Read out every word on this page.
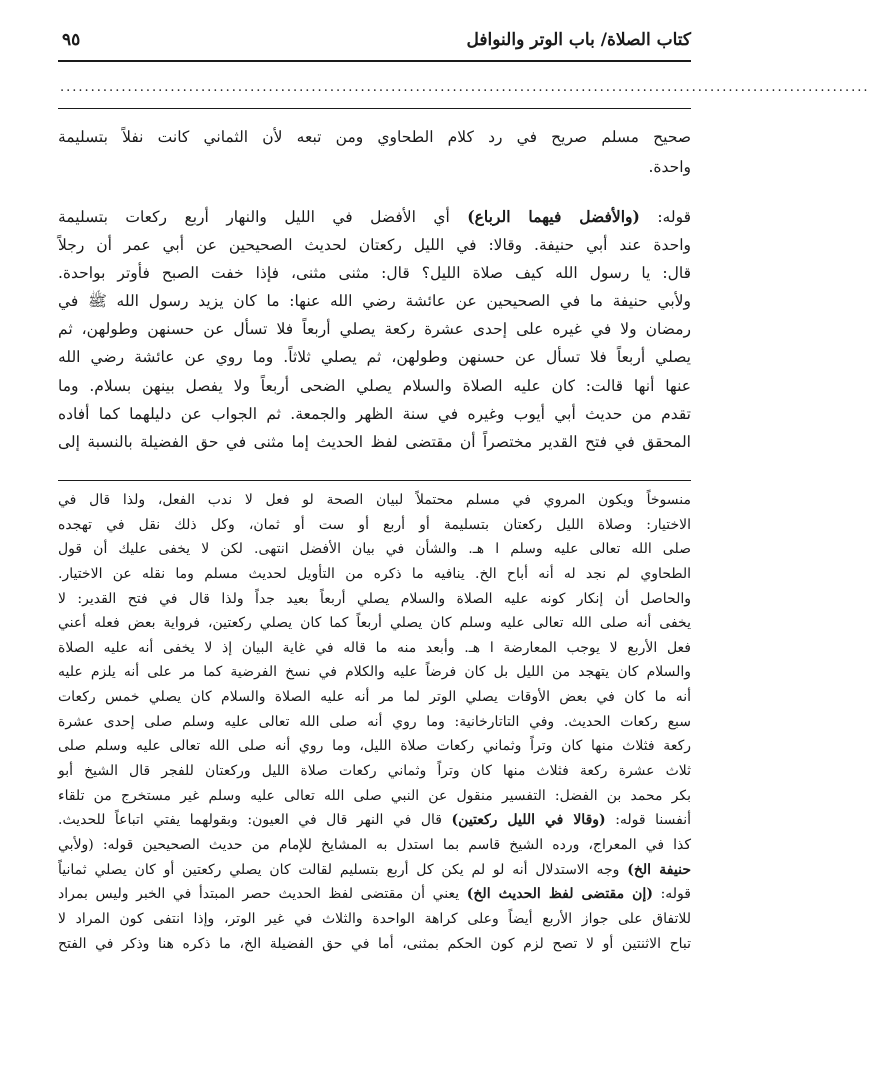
كتاب الصلاة/ باب الوتر والنوافل
٩٥
....................................................................................................................................
صحيح مسلم صريح في رد كلام الطحاوي ومن تبعه لأن الثماني كانت نفلاً بتسليمة
واحدة.
قوله: (والأفضل فيهما الرباع) أي الأفضل في الليل والنهار أربع ركعات بتسليمة
واحدة عند أبي حنيفة. وقالا: في الليل ركعتان لحديث الصحيحين عن أبي عمر أن رجلاً
قال: يا رسول الله كيف صلاة الليل؟ قال: مثنى مثنى، فإذا خفت الصبح فأوتر بواحدة.
ولأبي حنيفة ما في الصحيحين عن عائشة رضي الله عنها: ما كان يزيد رسول الله ﷺ في
رمضان ولا في غيره على إحدى عشرة ركعة يصلي أربعاً فلا تسأل عن حسنهن وطولهن، ثم
يصلي أربعاً فلا تسأل عن حسنهن وطولهن، ثم يصلي ثلاثاً. وما روي عن عائشة رضي الله
عنها أنها قالت: كان عليه الصلاة والسلام يصلي الضحى أربعاً ولا يفصل بينهن بسلام. وما
تقدم من حديث أبي أيوب وغيره في سنة الظهر والجمعة. ثم الجواب عن دليلهما كما أفاده
المحقق في فتح القدير مختصراً أن مقتضى لفظ الحديث إما مثنى في حق الفضيلة بالنسبة إلى
منسوخاً ويكون المروي في مسلم محتملاً لبيان الصحة لو فعل لا ندب الفعل، ولذا قال في
الاختيار: وصلاة الليل ركعتان بتسليمة أو أربع أو ست أو ثمان، وكل ذلك نقل في تهجده
صلى الله تعالى عليه وسلم ا هـ. والشأن في بيان الأفضل انتهى. لكن لا يخفى عليك أن قول
الطحاوي لم نجد له أنه أباح الخ. ينافيه ما ذكره من التأويل لحديث مسلم وما نقله عن الاختيار.
والحاصل أن إنكار كونه عليه الصلاة والسلام يصلي أربعاً بعيد جداً ولذا قال في فتح القدير: لا
يخفى أنه صلى الله تعالى عليه وسلم كان يصلي أربعاً كما كان يصلي ركعتين، فرواية بعض فعله أعني
فعل الأربع لا يوجب المعارضة ا هـ. وأبعد منه ما قاله في غاية البيان إذ لا يخفى أنه عليه الصلاة
والسلام كان يتهجد من الليل بل كان فرضاً عليه والكلام في نسخ الفرضية كما مر على أنه يلزم عليه
أنه ما كان في بعض الأوقات يصلي الوتر لما مر أنه عليه الصلاة والسلام كان يصلي خمس ركعات
سبع ركعات الحديث. وفي التاتارخانية: وما روي أنه صلى الله تعالى عليه وسلم صلى إحدى عشرة
ركعة فثلاث منها كان وتراً وثماني ركعات صلاة الليل، وما روي أنه صلى الله تعالى عليه وسلم صلى
ثلاث عشرة ركعة فثلاث منها كان وتراً وثماني ركعات صلاة الليل وركعتان للفجر قال الشيخ أبو
بكر محمد بن الفضل: التفسير منقول عن النبي صلى الله تعالى عليه وسلم غير مستخرج من تلقاء
أنفسنا قوله: (وقالا في الليل ركعتين) قال في النهر قال في العيون: وبقولهما يفتي اتباعاً للحديث.
كذا في المعراج، ورده الشيخ قاسم بما استدل به المشايخ للإمام من حديث الصحيحين قوله: (ولأبي
حنيفة الخ) وجه الاستدلال أنه لو لم يكن كل أربع بتسليم لقالت كان يصلي ركعتين أو كان يصلي ثمانياً
قوله: (إن مقتضى لفظ الحديث الخ) يعني أن مقتضى لفظ الحديث حصر المبتدأ في الخبر وليس بمراد
للاتفاق على جواز الأربع أيضاً وعلى كراهة الواحدة والثلاث في غير الوتر، وإذا انتفى كون المراد لا
تباح الاثنتين أو لا تصح لزم كون الحكم بمثنى، أما في حق الفضيلة الخ، ما ذكره هنا وذكر في الفتح
